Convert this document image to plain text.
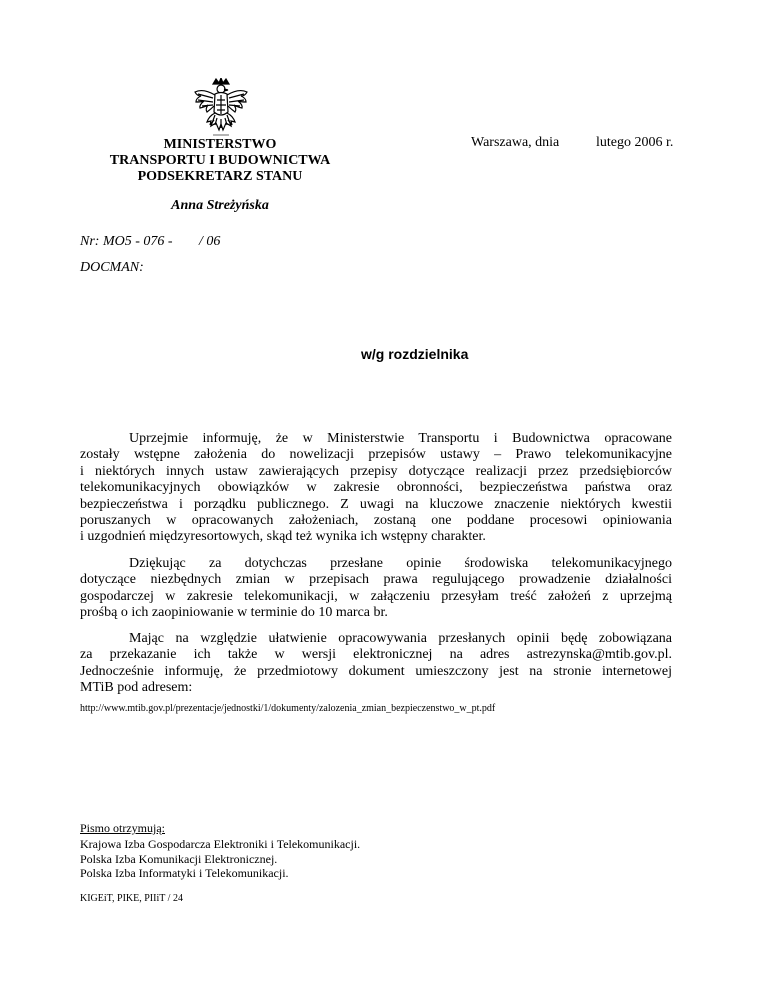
MINISTERSTWO
TRANSPORTU I BUDOWNICTWA
PODSEKRETARZ STANU
Warszawa, dnia	lutego 2006 r.
Anna Streżyńska
Nr: MO5 - 076 - / 06
DOCMAN:
w/g rozdzielnika
Uprzejmie informuję, że w Ministerstwie Transportu i Budownictwa opracowane
zostały wstępne założenia do nowelizacji przepisów ustawy – Prawo telekomunikacyjne
i niektórych innych ustaw zawierających przepisy dotyczące realizacji przez przedsiębiorców
telekomunikacyjnych obowiązków w zakresie obronności, bezpieczeństwa państwa oraz
bezpieczeństwa i porządku publicznego. Z uwagi na kluczowe znaczenie niektórych kwestii
poruszanych w opracowanych założeniach, zostaną one poddane procesowi opiniowania
i uzgodnień międzyresortowych, skąd też wynika ich wstępny charakter.
Dziękując za dotychczas przesłane opinie środowiska telekomunikacyjnego
dotyczące niezbędnych zmian w przepisach prawa regulującego prowadzenie działalności
gospodarczej w zakresie telekomunikacji, w załączeniu przesyłam treść założeń z uprzejmą
prośbą o ich zaopiniowanie w terminie do 10 marca br.
Mając na względzie ułatwienie opracowywania przesłanych opinii będę zobowiązana
za przekazanie ich także w wersji elektronicznej na adres astrezynska@mtib.gov.pl.
Jednocześnie informuję, że przedmiotowy dokument umieszczony jest na stronie internetowej
MTiB pod adresem:
http://www.mtib.gov.pl/prezentacje/jednostki/1/dokumenty/zalozenia_zmian_bezpieczenstwo_w_pt.pdf
Pismo otrzymują:
Krajowa Izba Gospodarcza Elektroniki i Telekomunikacji.
Polska Izba Komunikacji Elektronicznej.
Polska Izba Informatyki i Telekomunikacji.
KIGEiT, PIKE, PIIiT / 24
